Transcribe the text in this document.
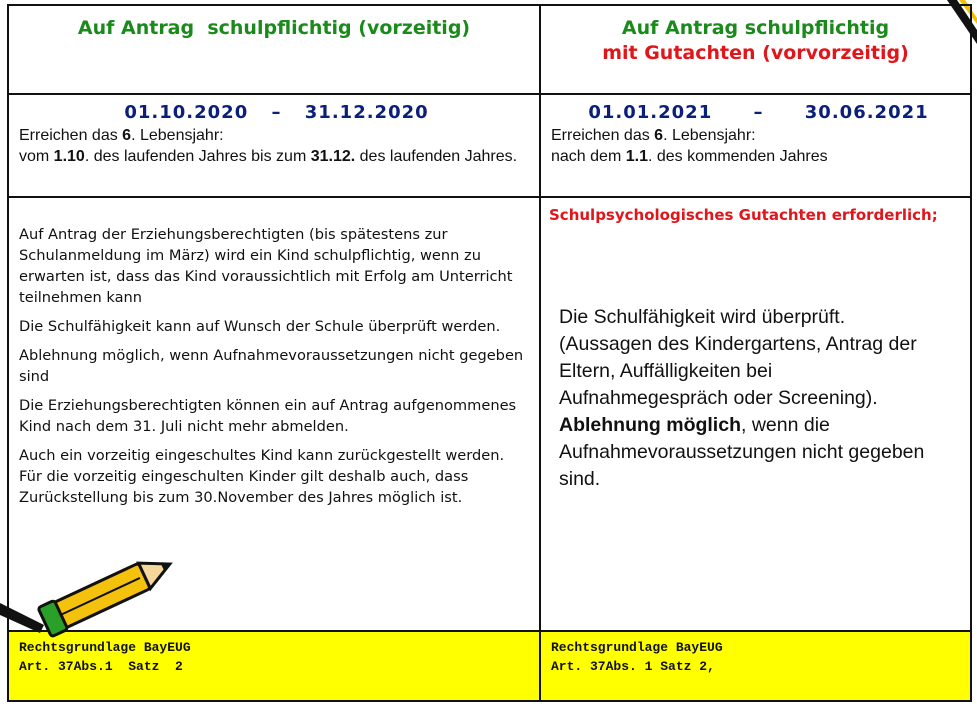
Auf Antrag  schulpflichtig (vorzeitig)	Auf Antrag schulpflichtig
mit Gutachten (vorvorzeitig)
01.10.2020 – 31.12.2020
Erreichen das 6. Lebensjahr:
vom 1.10. des laufenden Jahres bis zum 31.12. des laufenden Jahres.
01.01.2021 – 30.06.2021
Erreichen das 6. Lebensjahr:
nach dem 1.1. des kommenden Jahres

Auf Antrag der Erziehungsberechtigten (bis spätestens zur Schulanmeldung im März) wird ein Kind schulpflichtig, wenn zu erwarten ist, dass das Kind voraussichtlich mit Erfolg am Unterricht teilnehmen kann

Die Schulfähigkeit kann auf Wunsch der Schule überprüft werden.

Ablehnung möglich, wenn Aufnahmevoraussetzungen nicht gegeben sind

Die Erziehungsberechtigten können ein auf Antrag aufgenommenes Kind nach dem 31. Juli nicht mehr abmelden.

Auch ein vorzeitig eingeschultes Kind kann zurückgestellt werden. Für die vorzeitig eingeschulten Kinder gilt deshalb auch, dass Zurückstellung bis zum 30.November des Jahres möglich ist.

Schulpsychologisches Gutachten erforderlich;
Die Schulfähigkeit wird überprüft. (Aussagen des Kindergartens, Antrag der Eltern, Auffälligkeiten bei Aufnahmegespräch oder Screening).
Ablehnung möglich, wenn die Aufnahmevoraussetzungen nicht gegeben sind.
Rechtsgrundlage BayEUG
Art. 37Abs.1  Satz  2
Rechtsgrundlage BayEUG
Art. 37Abs. 1 Satz 2,
